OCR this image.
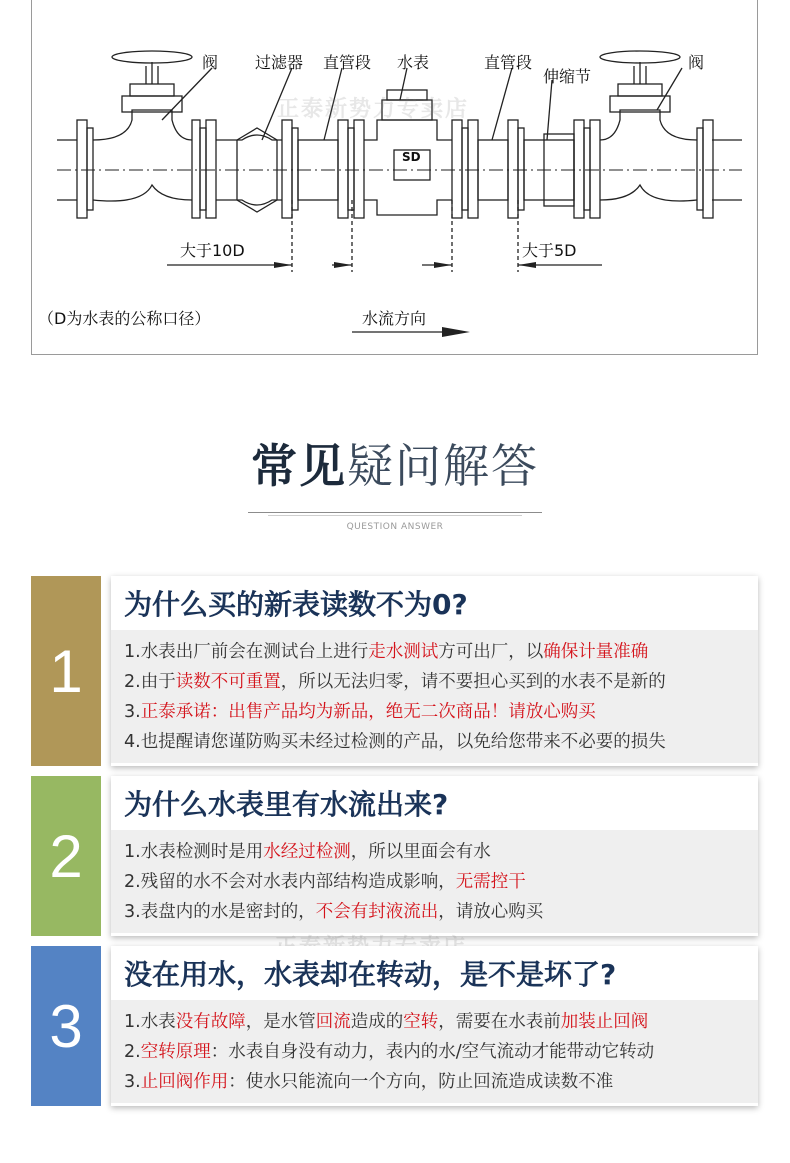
阀 过滤器 直管段 水表	直管段
伸缩节
阀
大于10D	大于5D
（D为水表的公称口径）	水流方向
SD
正泰新势力专卖店
常见疑问解答
QUESTION ANSWER
1
为什么买的新表读数不为0?
1.水表出厂前会在测试台上进行走水测试方可出厂，以确保计量准确
2.由于读数不可重置，所以无法归零，请不要担心买到的水表不是新的
3.正泰承诺：出售产品均为新品，绝无二次商品！请放心购买
4.也提醒请您谨防购买未经过检测的产品，以免给您带来不必要的损失
2
为什么水表里有水流出来?
1.水表检测时是用水经过检测，所以里面会有水
2.残留的水不会对水表内部结构造成影响，无需控干
3.表盘内的水是密封的，不会有封液流出，请放心购买
3
没在用水，水表却在转动，是不是坏了?
1.水表没有故障，是水管回流造成的空转，需要在水表前加装止回阀
2.空转原理：水表自身没有动力，表内的水/空气流动才能带动它转动
3.止回阀作用：使水只能流向一个方向，防止回流造成读数不准
